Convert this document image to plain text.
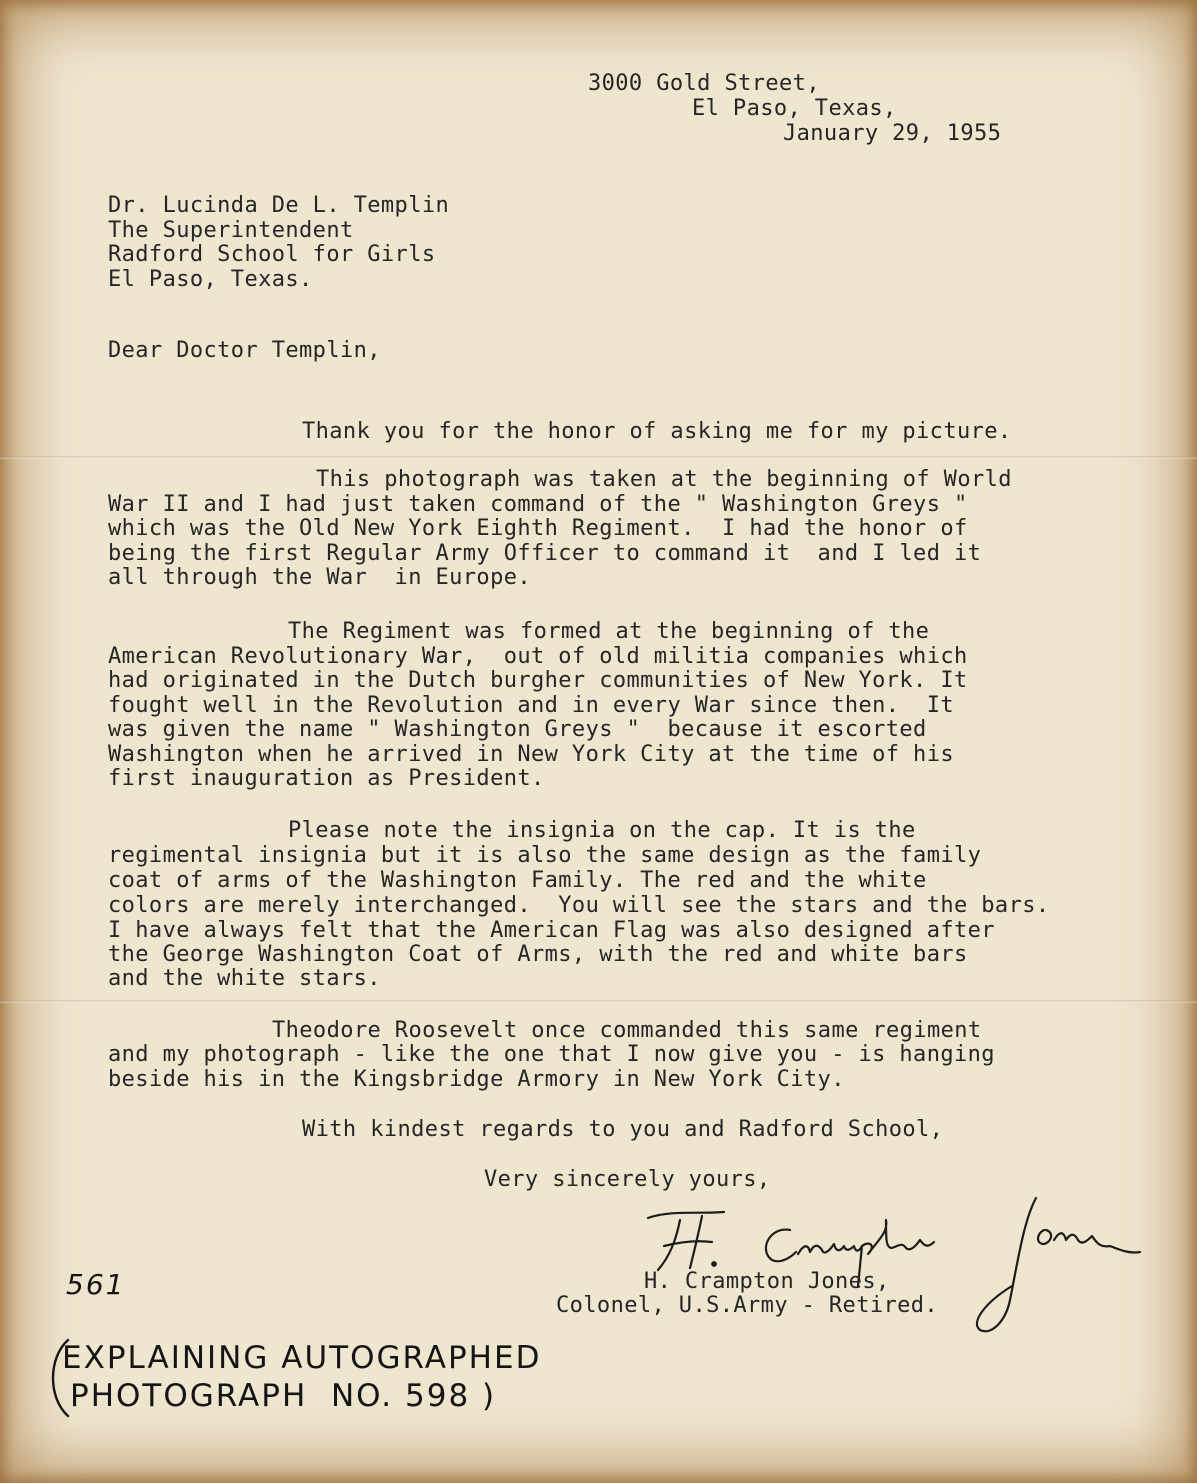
3000 Gold Street,

El Paso, Texas,

January 29, 1955

Dr. Lucinda De L. Templin

The Superintendent

Radford School for Girls

El Paso, Texas.

Dear Doctor Templin,

Thank you for the honor of asking me for my picture.

This photograph was taken at the beginning of World

War II and I had just taken command of the " Washington Greys "

which was the Old New York Eighth Regiment.  I had the honor of

being the first Regular Army Officer to command it  and I led it

all through the War  in Europe.

The Regiment was formed at the beginning of the

American Revolutionary War,  out of old militia companies which

had originated in the Dutch burgher communities of New York. It

fought well in the Revolution and in every War since then.  It

was given the name " Washington Greys "  because it escorted

Washington when he arrived in New York City at the time of his

first inauguration as President.

Please note the insignia on the cap. It is the

regimental insignia but it is also the same design as the family

coat of arms of the Washington Family. The red and the white

colors are merely interchanged.  You will see the stars and the bars.

I have always felt that the American Flag was also designed after

the George Washington Coat of Arms, with the red and white bars

and the white stars.

Theodore Roosevelt once commanded this same regiment

and my photograph - like the one that I now give you - is hanging

beside his in the Kingsbridge Armory in New York City.

With kindest regards to you and Radford School,

Very sincerely yours,

H. Crampton Jones,

Colonel, U.S.Army - Retired.

561
EXPLAINING AUTOGRAPHED
PHOTOGRAPH  NO. 598 )
